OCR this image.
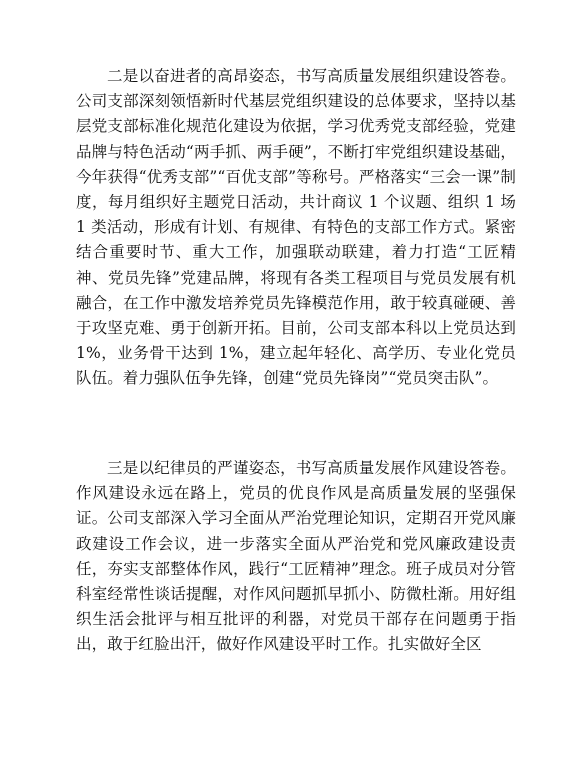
二是以奋进者的高昂姿态，书写高质量发展组织建设答卷。公司支部深刻领悟新时代基层党组织建设的总体要求，坚持以基层党支部标准化规范化建设为依据，学习优秀党支部经验，党建品牌与特色活动“两手抓、两手硬”，不断打牢党组织建设基础，今年获得“优秀支部”“百优支部”等称号。严格落实“三会一课”制度，每月组织好主题党日活动，共计商议 1 个议题、组织 1 场 1 类活动，形成有计划、有规律、有特色的支部工作方式。紧密结合重要时节、重大工作，加强联动联建，着力打造“工匠精神、党员先锋”党建品牌，将现有各类工程项目与党员发展有机融合，在工作中激发培养党员先锋模范作用，敢于较真碰硬、善于攻坚克难、勇于创新开拓。目前，公司支部本科以上党员达到 1%，业务骨干达到 1%，建立起年轻化、高学历、专业化党员队伍。着力强队伍争先锋，创建“党员先锋岗”“党员突击队”。

三是以纪律员的严谨姿态，书写高质量发展作风建设答卷。作风建设永远在路上，党员的优良作风是高质量发展的坚强保证。公司支部深入学习全面从严治党理论知识，定期召开党风廉政建设工作会议，进一步落实全面从严治党和党风廉政建设责任，夯实支部整体作风，践行“工匠精神”理念。班子成员对分管科室经常性谈话提醒，对作风问题抓早抓小、防微杜渐。用好组织生活会批评与相互批评的利器，对党员干部存在问题勇于指出，敢于红脸出汗，做好作风建设平时工作。扎实做好全区
